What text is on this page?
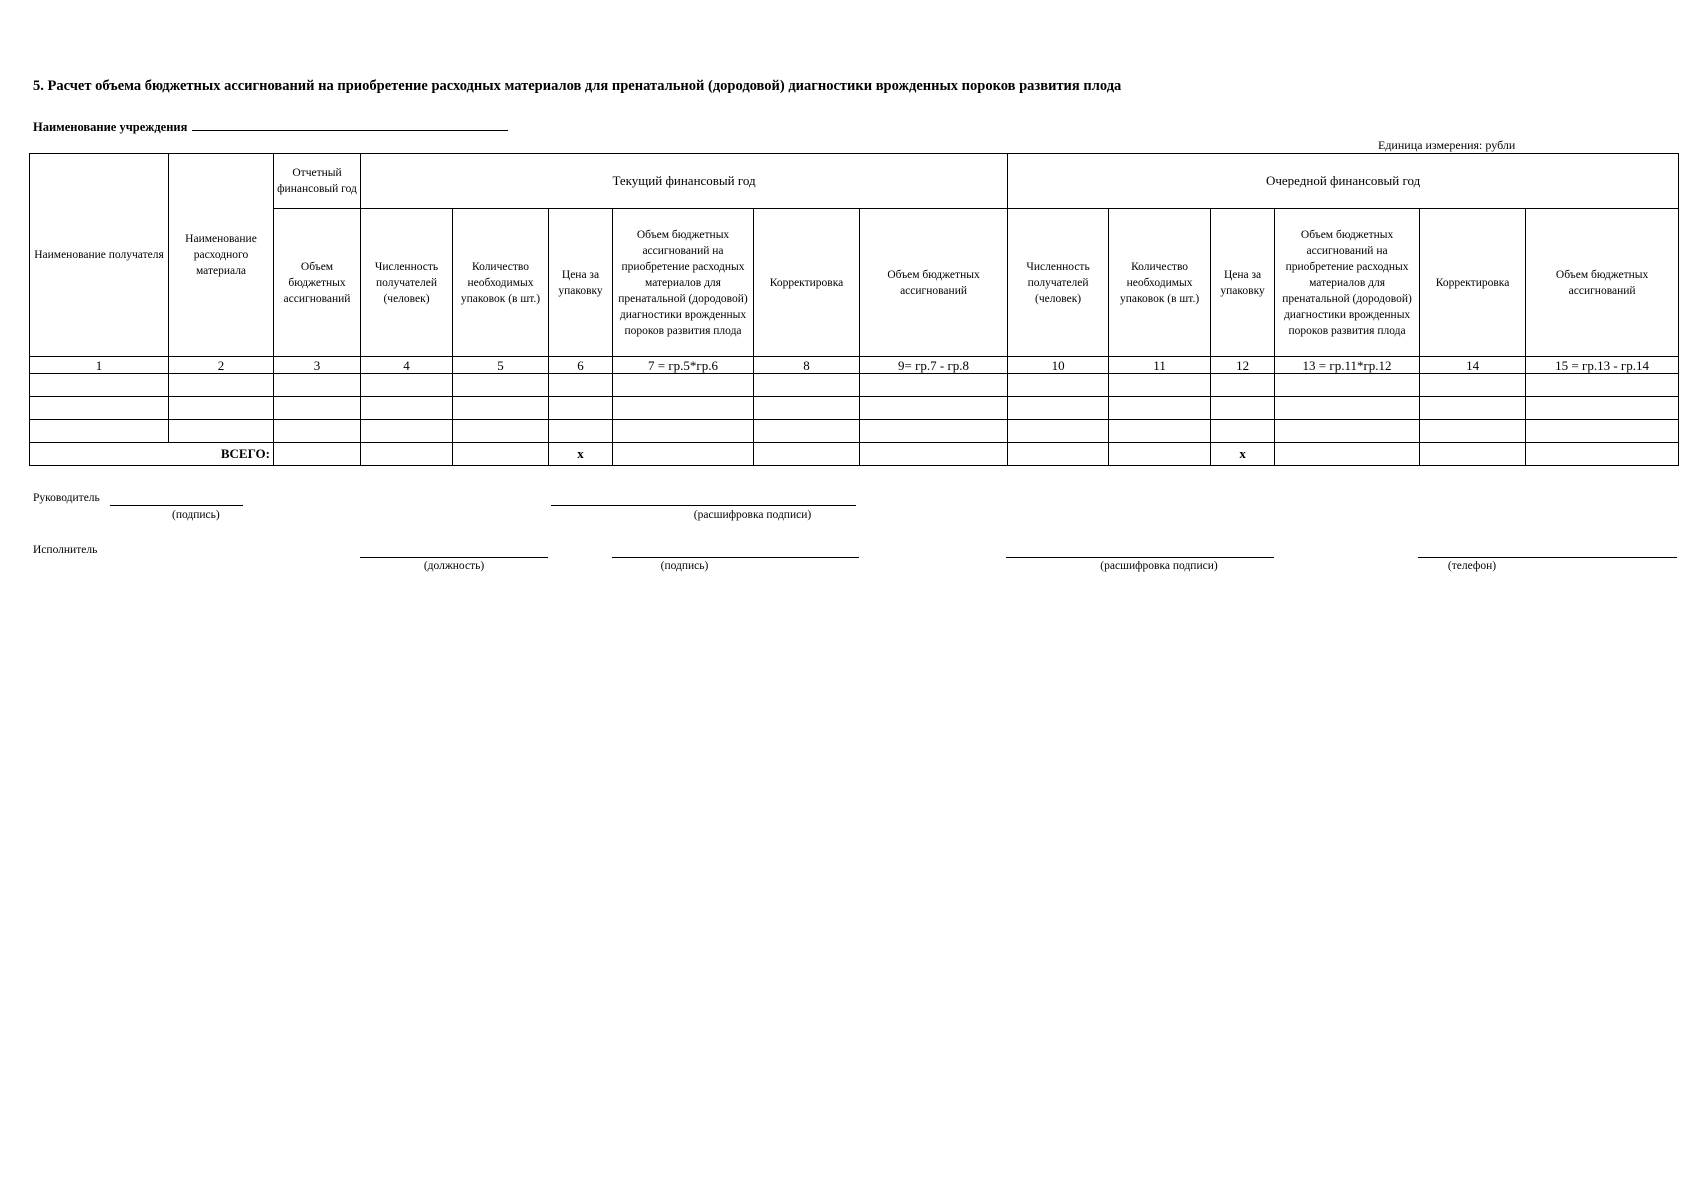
5. Расчет объема бюджетных ассигнований на приобретение расходных материалов для пренатальной (дородовой) диагностики врожденных пороков развития плода
Наименование учреждения
Единица измерения: рубли
Наименование получателя	Наименование расходного материала	Отчетный финансовый год	Текущий финансовый год						Очередной финансовый год					
		Объем бюджетных ассигнований	Численность получателей (человек)	Количество необходимых упаковок (в шт.)	Цена за упаковку	Объем бюджетных ассигнований на приобретение расходных материалов для пренатальной (дородовой) диагностики врожденных пороков развития плода	Корректировка	Объем бюджетных ассигнований	Численность получателей (человек)	Количество необходимых упаковок (в шт.)	Цена за упаковку	Объем бюджетных ассигнований на приобретение расходных материалов для пренатальной (дородовой) диагностики врожденных пороков развития плода	Корректировка	Объем бюджетных ассигнований
1	2	3	4	5	6	7 = гр.5*гр.6	8	9= гр.7 - гр.8	10	11	12	13 = гр.11*гр.12	14	15 = гр.13 - гр.14

ВСЕГО:					x						x			
Руководитель
(подпись)	(расшифровка подписи)
Исполнитель
(должность)	(подпись)	(расшифровка подписи)	(телефон)
